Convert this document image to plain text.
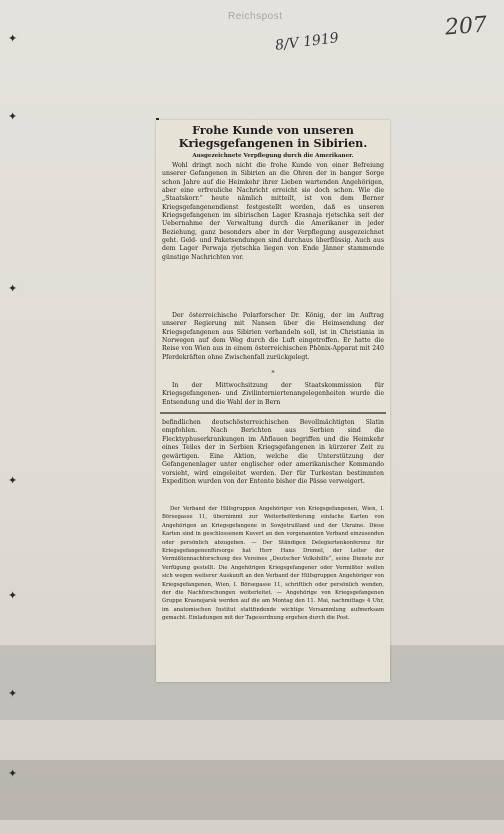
✦
✦
✦
✦
✦
✦
✦
Reichspost
8/V 1919
207
Frohe Kunde von unseren Kriegsgefangenen in Sibirien.
Ausgezeichnete Verpflegung durch die Amerikaner.
Wohl dringt noch nicht die frohe Kunde von einer Befreiung unserer Gefangenen in Sibirien an die Ohren der in banger Sorge schon Jahre auf die Heimkehr ihrer Lieben wartenden Angehörigen, aber eine erfreuliche Nachricht erreicht sie doch schon. Wie die „Staatskorr.“ heute nämlich mitteilt, ist von dem Berner Kriegsgefangenendienst festgestellt worden, daß es unseren Kriegsgefangenen im sibirischen Lager Krasnaja rjetschka seit der Uebernahme der Verwaltung durch die Amerikaner in jeder Beziehung, ganz besonders aber in der Verpflegung ausgezeichnet geht. Geld- und Paketsendungen sind durchaus überflüssig. Auch aus dem Lager Perwaja rjetschka liegen von Ende Jänner stammende günstige Nachrichten vor.
Der österreichische Polarforscher Dr. König, der im Auftrag unserer Regierung mit Nansen über die Heimsendung der Kriegsgefangenen aus Sibirien verhandeln soll, ist in Christiania in Norwegen auf dem Weg durch die Luft eingetroffen. Er hatte die Reise von Wien aus in einem österreichischen Phönix-Apparat mit 240 Pferdekräften ohne Zwischenfall zurückgelegt.
*
In der Mittwochsitzung der Staatskommission für Kriegsgefangenen- und Zivilinterniertenangelegenheiten wurde die Entsendung und die Wahl der in Bern
befindlichen deutschösterreichischen Bevollmächtigten Slatin empfohlen. Nach Berichten aus Serbien sind die Flecktyphuserkrankungen im Abflauen begriffen und die Heimkehr eines Teiles der in Serbien Kriegsgefangenen in kürzerer Zeit zu gewärtigen. Eine Aktion, welche die Unterstützung der Gefangenenlager unter englischer oder amerikanischer Kommando vorsieht, wird eingeleitet werden. Der für Turkestan bestimmten Expedition wurden von der Entente bisher die Pässe verweigert.
Der Verband der Hilfsgruppen Angehöriger von Kriegsgefangenen, Wien, I. Börsegasse 11, übernimmt zur Weiterbeförderung einfache Karten von Angehörigen an Kriegsgefangene in Sowjetrußland und der Ukraine. Diese Karten sind in geschlossenem Kuvert an den vorgenannten Verband einzusenden oder persönlich abzugeben. — Der Ständigen Delegiertenkonferenz für Kriegsgefangenenfürsorge hat Herr Hans Dremel, der Leiter der Vermißtennachforschung des Vereines „Deutscher Volkshilfe“, seine Dienste zur Verfügung gestellt. Die Angehörigen Kriegsgefangener oder Vermißter wollen sich wegen weiterer Auskunft an den Verband der Hilfsgruppen Angehöriger von Kriegsgefangenen, Wien, I. Börsegasse 11, schriftlich oder persönlich wenden, der die Nachforschungen weiterleitet. — Angehörige von Kriegsgefangenen Gruppe Krasnojarsk werden auf die am Montag den 11. Mai, nachmittags 4 Uhr, im anatomischen Institut stattfindende wichtige Versammlung aufmerksam gemacht. Einladungen mit der Tagesordnung ergehen durch die Post.
